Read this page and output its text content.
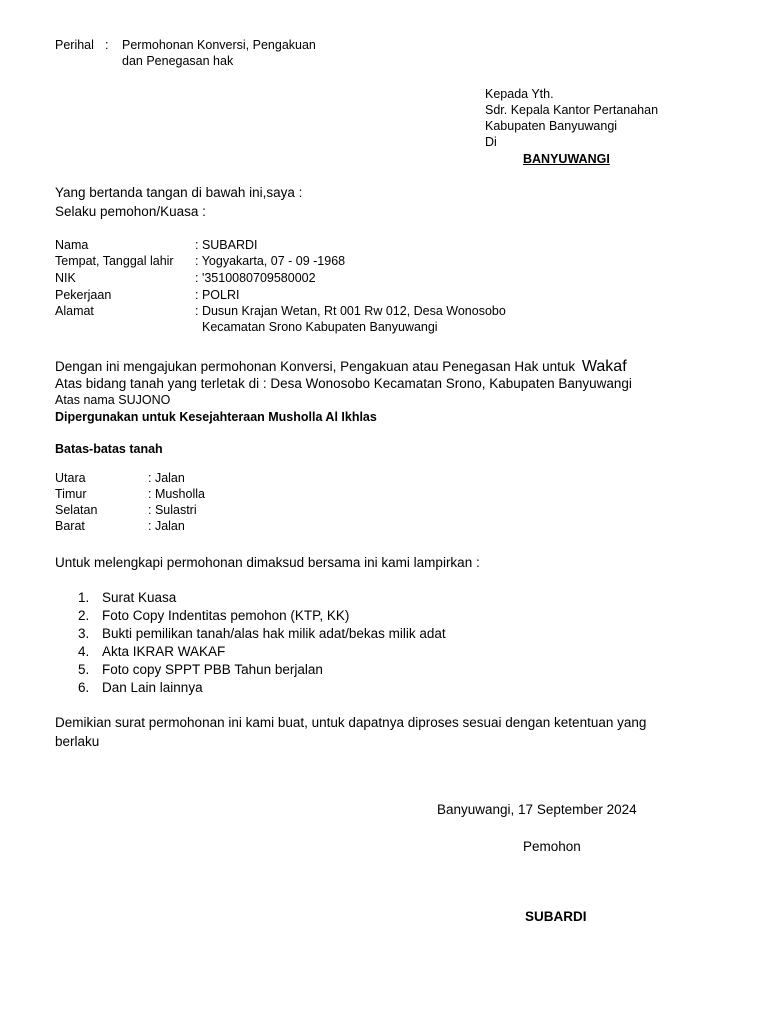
Perihal : Permohonan Konversi, Pengakuan
dan Penegasan hak
Kepada Yth.
Sdr. Kepala Kantor Pertanahan
Kabupaten Banyuwangi
Di
BANYUWANGI
Yang bertanda tangan di bawah ini,saya :
Selaku pemohon/Kuasa :
Nama	: SUBARDI
Tempat, Tanggal lahir : Yogyakarta, 07 - 09 -1968
NIK	: '3510080709580002
Pekerjaan	: POLRI
Alamat	: Dusun Krajan Wetan, Rt 001 Rw 012, Desa Wonosobo
Kecamatan Srono Kabupaten Banyuwangi
Dengan ini mengajukan permohonan Konversi, Pengakuan atau Penegasan Hak untuk Wakaf
Atas bidang tanah yang terletak di : Desa Wonosobo Kecamatan Srono, Kabupaten Banyuwangi
Atas nama SUJONO
Dipergunakan untuk Kesejahteraan Musholla Al Ikhlas
Batas-batas tanah
Utara	: Jalan
Timur	: Musholla
Selatan	: Sulastri
Barat	: Jalan
Untuk melengkapi permohonan dimaksud bersama ini kami lampirkan :
1. Surat Kuasa
2. Foto Copy Indentitas pemohon (KTP, KK)
3. Bukti pemilikan tanah/alas hak milik adat/bekas milik adat
4. Akta IKRAR WAKAF
5. Foto copy SPPT PBB Tahun berjalan
6. Dan Lain lainnya
Demikian surat permohonan ini kami buat, untuk dapatnya diproses sesuai dengan ketentuan yang
berlaku
Banyuwangi, 17 September 2024
Pemohon
SUBARDI
